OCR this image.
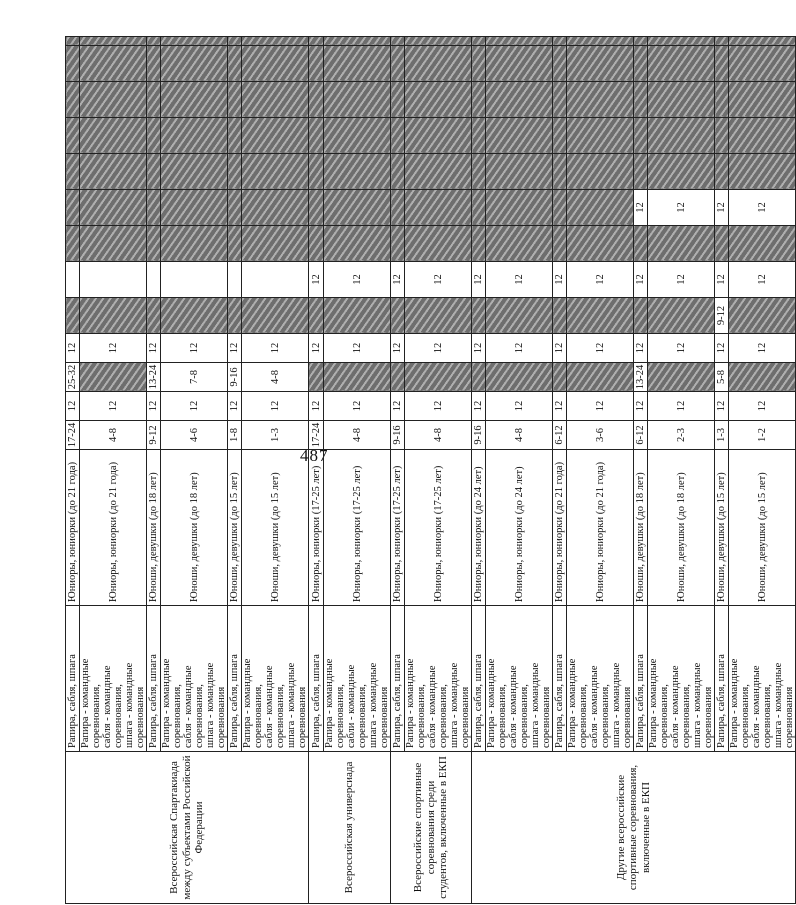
487
Всероссийская Спартакиада между субъектами Российской Федерации	Рапира, сабля, шпага	Юниоры, юниорки (до 21 года)	17-24	12	25-32	12										

	Рапира - командные соревнования, сабля - командные соревнования, шпага - командные соревнования	Юниоры, юниорки (до 21 года)	4-8	12		12										

	Рапира, сабля, шпага	Юноши, девушки (до 18 лет)	9-12	12	13-24	12										

	Рапира - командные соревнования, сабля - командные соревнования, шпага - командные соревнования	Юноши, девушки (до 18 лет)	4-6	12	7-8	12										

	Рапира, сабля, шпага	Юноши, девушки (до 15 лет)	1-8	12	9-16	12										

	Рапира - командные соревнования, сабля - командные соревнования, шпага - командные соревнования	Юноши, девушки (до 15 лет)	1-3	12	4-8	12										
Всероссийская универсиада	Рапира, сабля, шпага	Юниоры, юниорки (17-25 лет)	17-24	12		12		12								

	Рапира - командные соревнования, сабли - командные соревнования, шпага - командные соревнования	Юниоры, юниорки (17-25 лет)	4-8	12		12		12								
Всероссийские спортивные соревнования среди студентов, включенные в ЕКП	Рапира, сабля, шпага	Юниоры, юниорки (17-25 лет)	9-16	12		12		12								

	Рапира - командные соревнования, сабля - командные соревнования, шпага - командные соревнования	Юниоры, юниорки (17-25 лет)	4-8	12		12		12								
Другие всероссийские спортивные соревнования, включенные в ЕКП	Рапира, сабля, шпага	Юниоры, юниорки (до 24 лет)	9-16	12		12		12								

	Рапира - командные соревнования, сабля - командные соревнования, шпага - командные соревнования	Юниоры, юниорки (до 24 лет)	4-8	12		12		12								

	Рапира, сабля, шпага	Юниоры, юниорки (до 21 года)	6-12	12		12		12								

	Рапира - командные соревнования, сабля - командные соревнования, шпага - командные соревнования	Юниоры, юниорки (до 21 года)	3-6	12		12		12								

	Рапира, сабля, шпага	Юноши, девушки (до 18 лет)	6-12	12	13-24	12		12		12						

	Рапира - командные соревнования, сабля - командные соревнования, шпага - командные соревнования	Юноши, девушки (до 18 лет)	2-3	12		12		12		12						

	Рапира, сабля, шпага	Юноши, девушки (до 15 лет)	1-3	12	5-8	12	9-12	12		12						

	Рапира - командные соревнования, сабля - командные соревнования, шпага - командные соревнования	Юноши, девушки (до 15 лет)	1-2	12		12		12		12						
